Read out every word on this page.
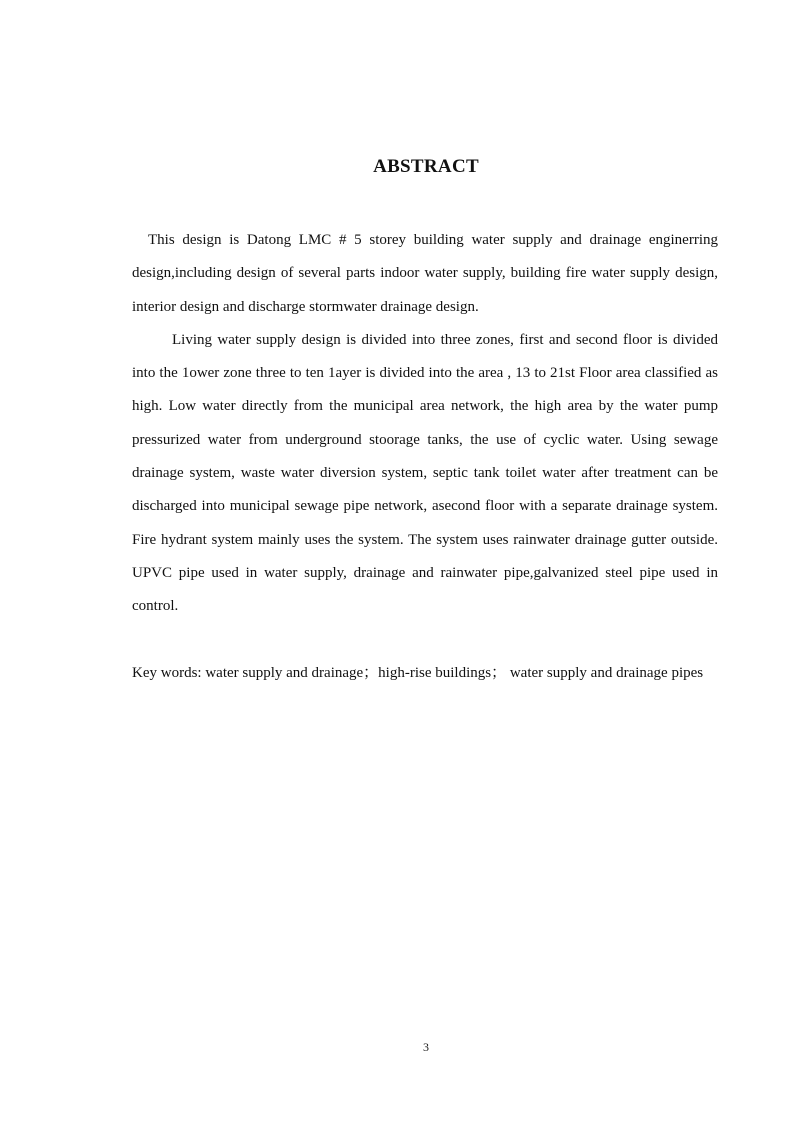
ABSTRACT

This design is Datong LMC # 5 storey building water supply and drainage enginerring design,including design of several parts indoor water supply, building fire water supply design, interior design and discharge stormwater drainage design.

Living water supply design is divided into three zones, first and second floor is divided into the 1ower zone three to ten 1ayer is divided into the area , 13 to 21st Floor area classified as high. Low water directly from the municipal area network, the high area by the water pump pressurized water from underground stoorage tanks, the use of cyclic water. Using sewage drainage system, waste water diversion system, septic tank toilet water after treatment can be discharged into municipal sewage pipe network, asecond floor with a separate drainage system. Fire hydrant system mainly uses the system. The system uses rainwater drainage gutter outside. UPVC pipe used in water supply, drainage and rainwater pipe,galvanized steel pipe used in control.

Key words: water supply and drainage；high-rise buildings； water supply and drainage pipes

3
